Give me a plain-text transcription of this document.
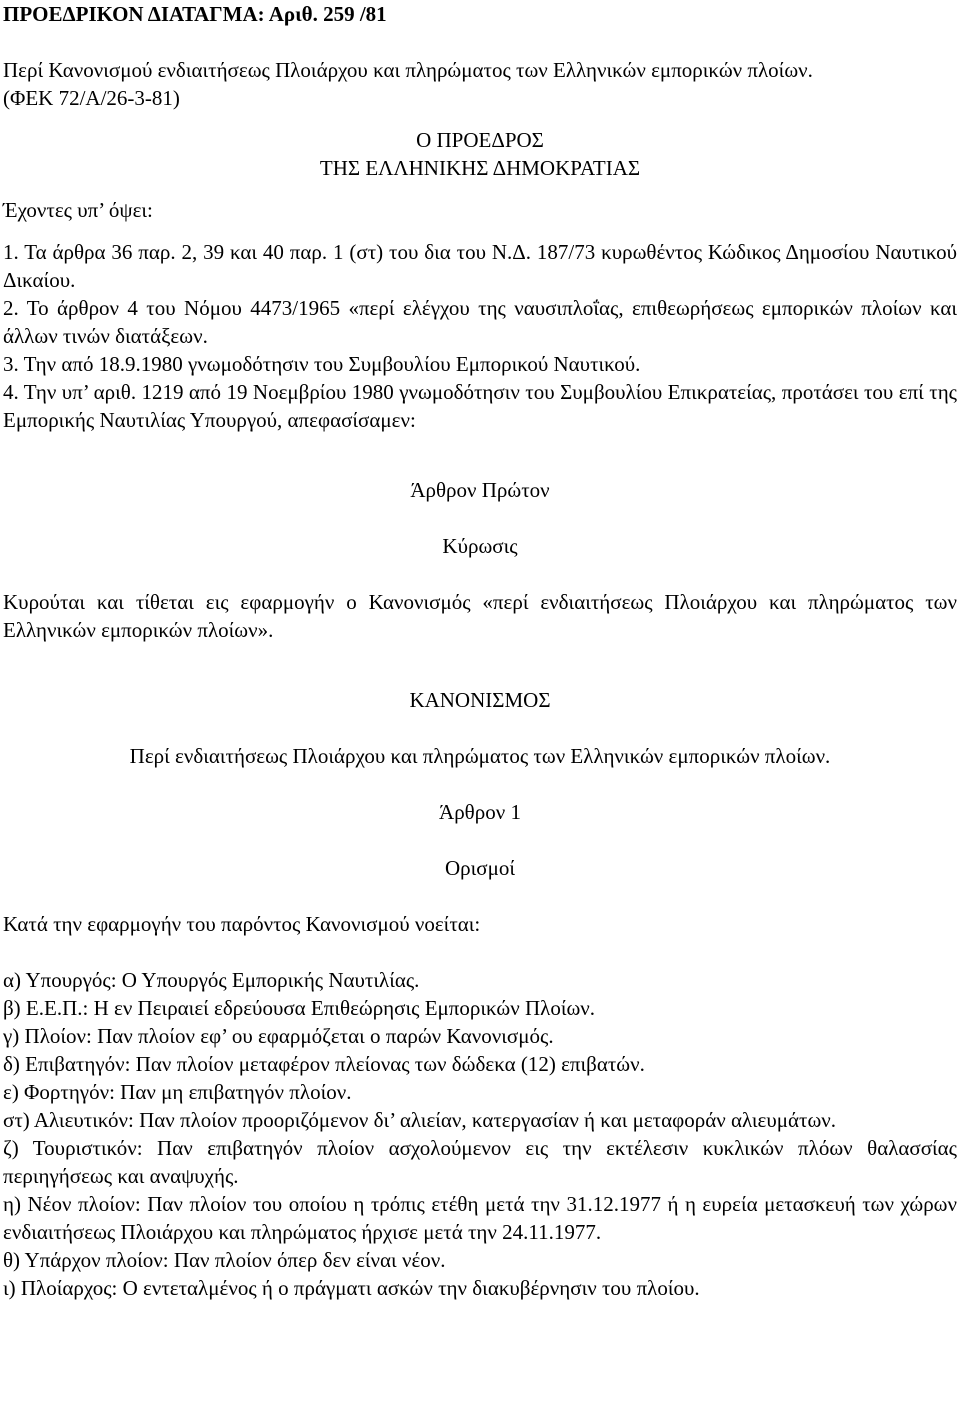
ΠΡΟΕΔΡΙΚΟΝ ΔΙΑΤΑΓΜΑ: Αριθ. 259 /81

Περί Κανονισμού ενδιαιτήσεως Πλοιάρχου και πληρώματος των Ελληνικών εμπορικών πλοίων.

(ΦΕΚ 72/Α/26-3-81)

Ο ΠΡΟΕΔΡΟΣ

ΤΗΣ ΕΛΛΗΝΙΚΗΣ ΔΗΜΟΚΡΑΤΙΑΣ

Έχοντες υπ’ όψει:

1. Τα άρθρα 36 παρ. 2, 39 και 40 παρ. 1 (στ) του δια του Ν.Δ. 187/73 κυρωθέντος Κώδικος Δημοσίου Ναυτικού Δικαίου.

2. Το άρθρον 4 του Νόμου 4473/1965 «περί ελέγχου της ναυσιπλοΐας, επιθεωρήσεως εμπορικών πλοίων και άλλων τινών διατάξεων.

3. Την από 18.9.1980 γνωμοδότησιν του Συμβουλίου Εμπορικού Ναυτικού.

4. Την υπ’ αριθ. 1219 από 19 Νοεμβρίου 1980 γνωμοδότησιν του Συμβουλίου Επικρατείας, προτάσει του επί της Εμπορικής Ναυτιλίας Υπουργού, απεφασίσαμεν:

Άρθρον Πρώτον

Κύρωσις

Κυρούται και τίθεται εις εφαρμογήν ο Κανονισμός «περί ενδιαιτήσεως Πλοιάρχου και πληρώματος των Ελληνικών εμπορικών πλοίων».

ΚΑΝΟΝΙΣΜΟΣ

Περί ενδιαιτήσεως Πλοιάρχου και πληρώματος των Ελληνικών εμπορικών πλοίων.

Άρθρον 1

Ορισμοί

Κατά την εφαρμογήν του παρόντος Κανονισμού νοείται:

α) Υπουργός: Ο Υπουργός Εμπορικής Ναυτιλίας.

β) Ε.Ε.Π.: Η εν Πειραιεί εδρεύουσα Επιθεώρησις Εμπορικών Πλοίων.

γ) Πλοίον: Παν πλοίον εφ’ ου εφαρμόζεται ο παρών Κανονισμός.

δ) Επιβατηγόν: Παν πλοίον μεταφέρον πλείονας των δώδεκα (12) επιβατών.

ε) Φορτηγόν: Παν μη επιβατηγόν πλοίον.

στ) Αλιευτικόν: Παν πλοίον προοριζόμενον δι’ αλιείαν, κατεργασίαν ή και μεταφοράν αλιευμάτων.

ζ) Τουριστικόν: Παν επιβατηγόν πλοίον ασχολούμενον εις την εκτέλεσιν κυκλικών πλόων θαλασσίας περιηγήσεως και αναψυχής.

η) Νέον πλοίον: Παν πλοίον του οποίου η τρόπις ετέθη μετά την 31.12.1977 ή η ευρεία μετασκευή των χώρων ενδιαιτήσεως Πλοιάρχου και πληρώματος ήρχισε μετά την 24.11.1977.

θ) Υπάρχον πλοίον: Παν πλοίον όπερ δεν είναι νέον.

ι) Πλοίαρχος: Ο εντεταλμένος ή ο πράγματι ασκών την διακυβέρνησιν του πλοίου.
